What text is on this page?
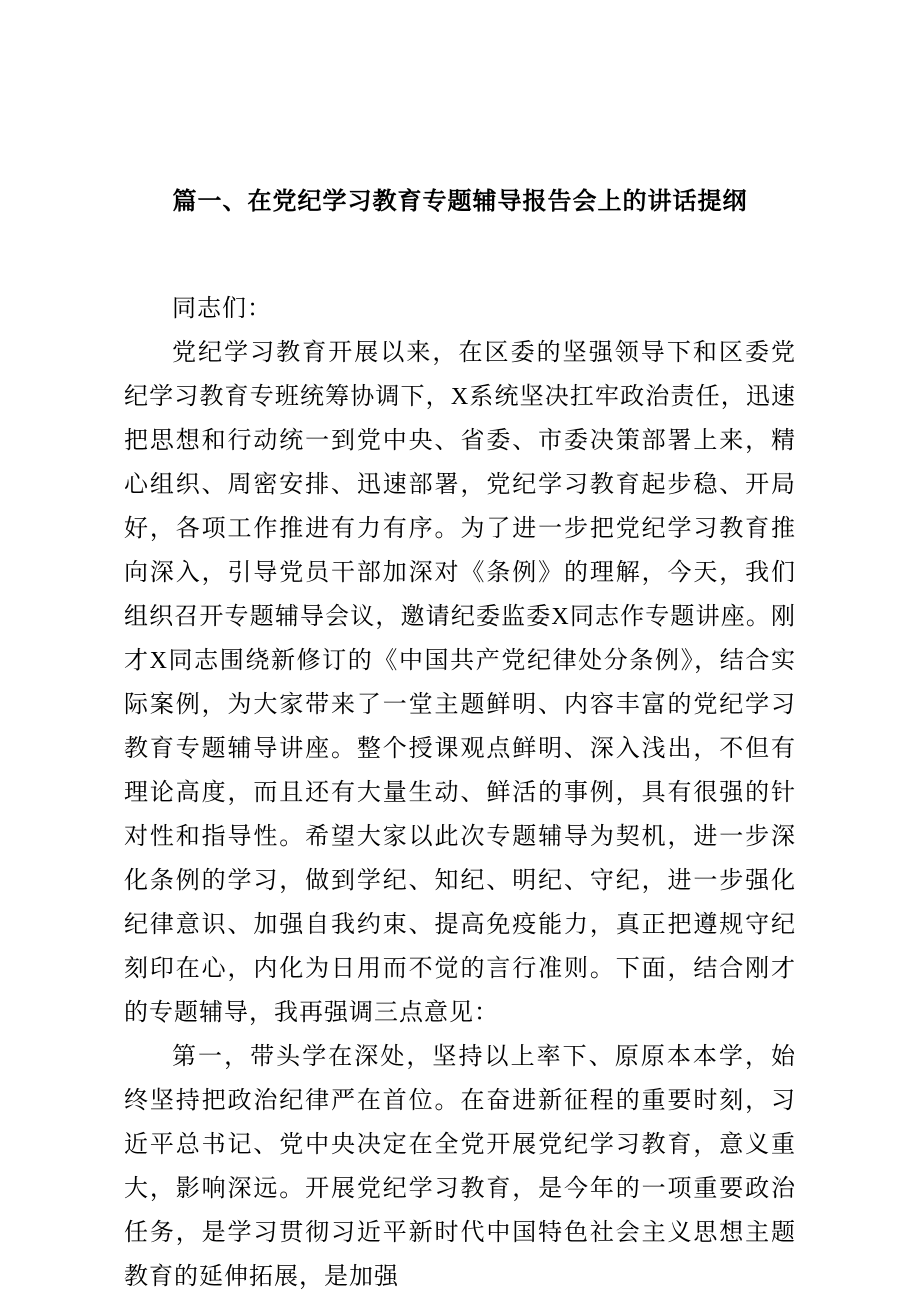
篇一、在党纪学习教育专题辅导报告会上的讲话提纲

同志们：

党纪学习教育开展以来，在区委的坚强领导下和区委党纪学习教育专班统筹协调下，X系统坚决扛牢政治责任，迅速把思想和行动统一到党中央、省委、市委决策部署上来，精心组织、周密安排、迅速部署，党纪学习教育起步稳、开局好，各项工作推进有力有序。为了进一步把党纪学习教育推向深入，引导党员干部加深对《条例》的理解，今天，我们组织召开专题辅导会议，邀请纪委监委X同志作专题讲座。刚才X同志围绕新修订的《中国共产党纪律处分条例》，结合实际案例，为大家带来了一堂主题鲜明、内容丰富的党纪学习教育专题辅导讲座。整个授课观点鲜明、深入浅出，不但有理论高度，而且还有大量生动、鲜活的事例，具有很强的针对性和指导性。希望大家以此次专题辅导为契机，进一步深化条例的学习，做到学纪、知纪、明纪、守纪，进一步强化纪律意识、加强自我约束、提高免疫能力，真正把遵规守纪刻印在心，内化为日用而不觉的言行准则。下面，结合刚才的专题辅导，我再强调三点意见：

第一，带头学在深处，坚持以上率下、原原本本学，始终坚持把政治纪律严在首位。在奋进新征程的重要时刻，习近平总书记、党中央决定在全党开展党纪学习教育，意义重大，影响深远。开展党纪学习教育，是今年的一项重要政治任务，是学习贯彻习近平新时代中国特色社会主义思想主题教育的延伸拓展，是加强
